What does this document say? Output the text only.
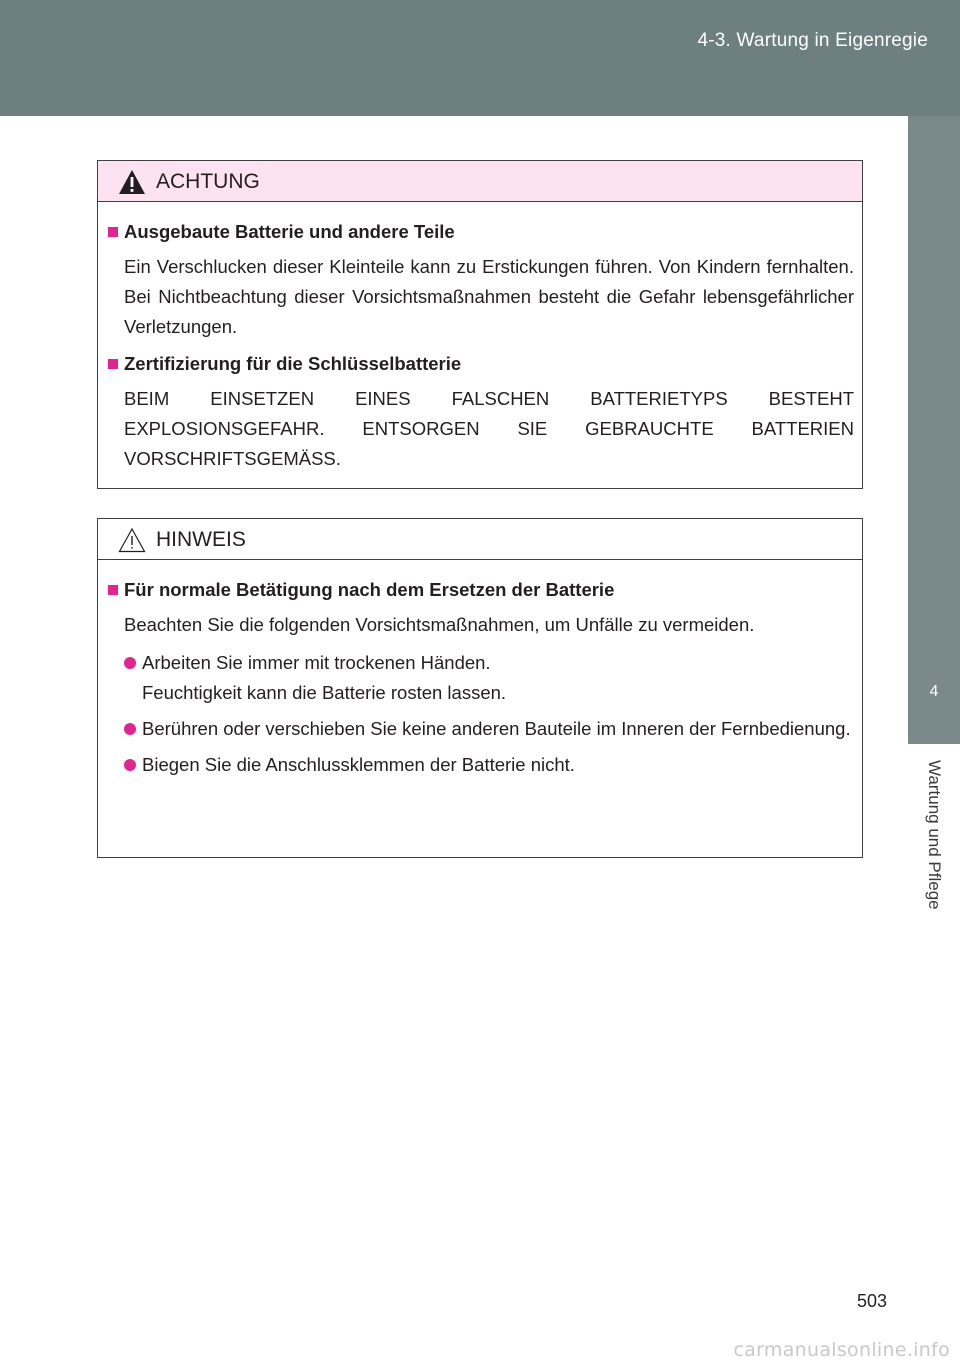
4-3. Wartung in Eigenregie
4
Wartung und Pflege
ACHTUNG
Ausgebaute Batterie und andere Teile
Ein Verschlucken dieser Kleinteile kann zu Erstickungen führen. Von Kindern fernhalten. Bei Nichtbeachtung dieser Vorsichtsmaßnahmen besteht die Gefahr lebensgefährlicher Verletzungen.
Zertifizierung für die Schlüsselbatterie
BEIM EINSETZEN EINES FALSCHEN BATTERIETYPS BESTEHT EXPLOSIONSGEFAHR. ENTSORGEN SIE GEBRAUCHTE BATTERIEN VORSCHRIFTSGEMÄSS.
HINWEIS
Für normale Betätigung nach dem Ersetzen der Batterie
Beachten Sie die folgenden Vorsichtsmaßnahmen, um Unfälle zu vermeiden.
Arbeiten Sie immer mit trockenen Händen.
Feuchtigkeit kann die Batterie rosten lassen.
Berühren oder verschieben Sie keine anderen Bauteile im Inneren der Fernbedienung.
Biegen Sie die Anschlussklemmen der Batterie nicht.
503
carmanualsonline.info
